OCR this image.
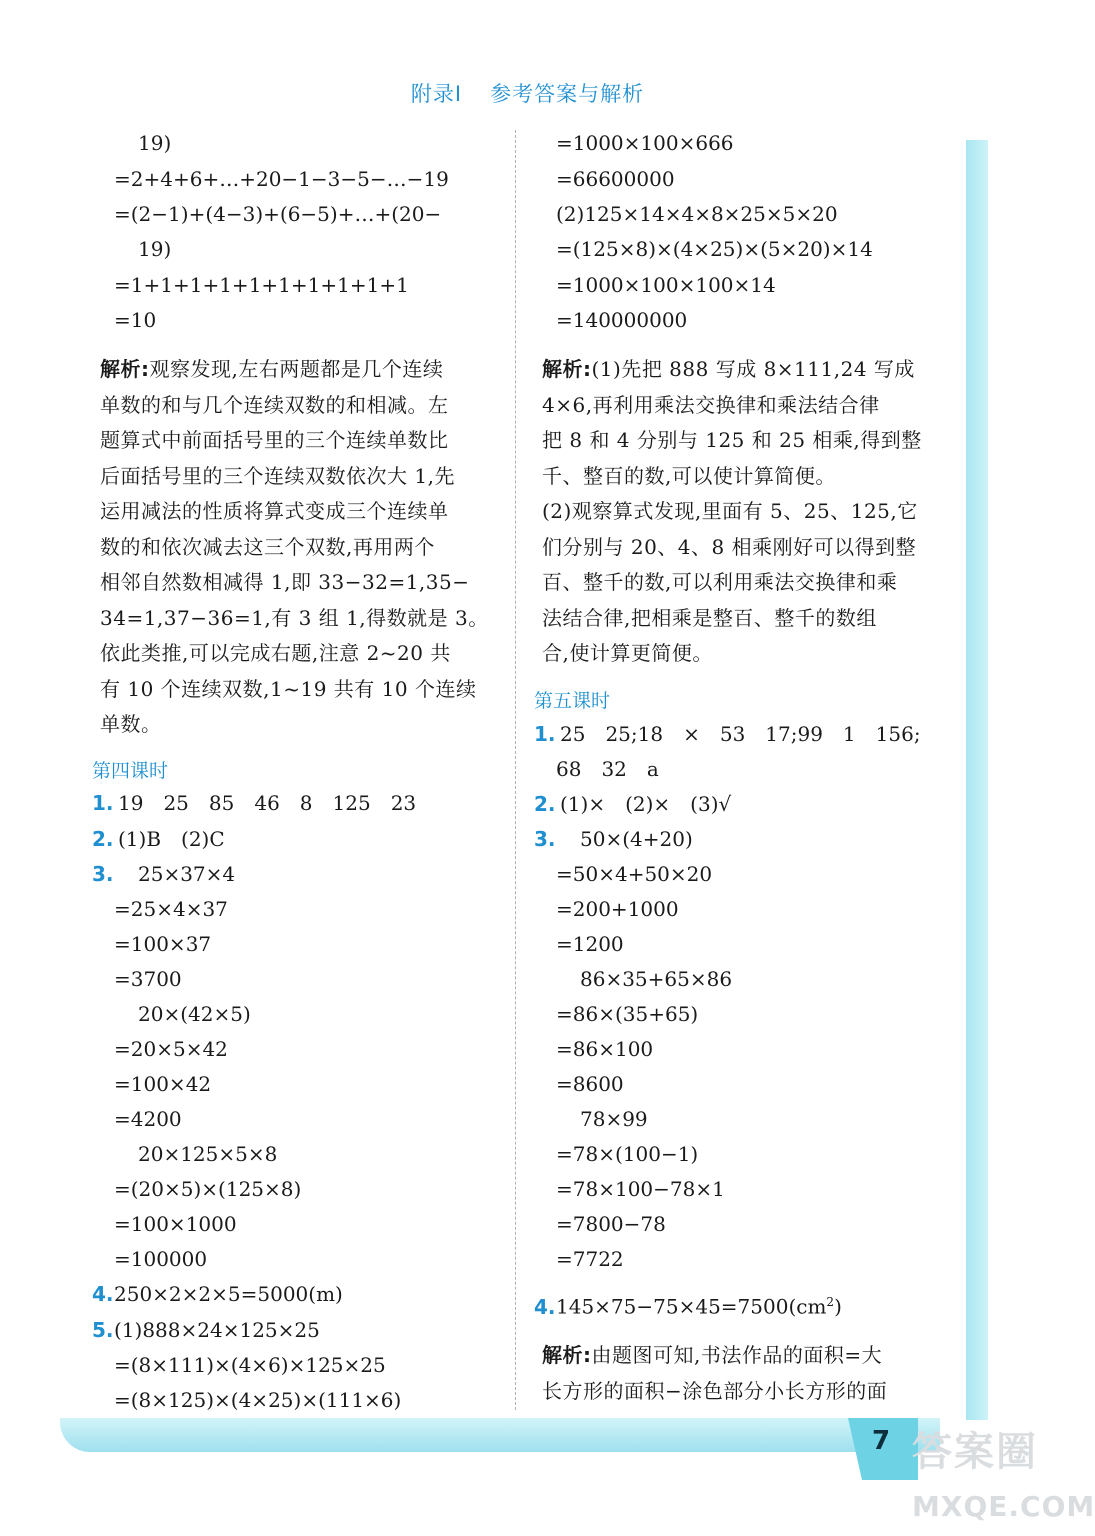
附录Ⅰ 参考答案与解析
19)
=2+4+6+…+20−1−3−5−…−19
=(2−1)+(4−3)+(6−5)+…+(20−
19)
=1+1+1+1+1+1+1+1+1+1
=10
解析:观察发现,左右两题都是几个连续
单数的和与几个连续双数的和相减。左
题算式中前面括号里的三个连续单数比
后面括号里的三个连续双数依次大 1,先
运用减法的性质将算式变成三个连续单
数的和依次减去这三个双数,再用两个
相邻自然数相减得 1,即 33−32=1,35−
34=1,37−36=1,有 3 组 1,得数就是 3。
依此类推,可以完成右题,注意 2~20 共
有 10 个连续双数,1~19 共有 10 个连续
单数。
第四课时
1. 19　25　85　46　8　125　23
2. (1)B　(2)C
3. 25×37×4
=25×4×37
=100×37
=3700
20×(42×5)
=20×5×42
=100×42
=4200
20×125×5×8
=(20×5)×(125×8)
=100×1000
=100000
4.250×2×2×5=5000(m)
5.(1)888×24×125×25
=(8×111)×(4×6)×125×25
=(8×125)×(4×25)×(111×6)
=1000×100×666
=66600000
(2)125×14×4×8×25×5×20
=(125×8)×(4×25)×(5×20)×14
=1000×100×100×14
=140000000
解析:(1)先把 888 写成 8×111,24 写成
4×6,再利用乘法交换律和乘法结合律
把 8 和 4 分别与 125 和 25 相乘,得到整
千、整百的数,可以使计算简便。
(2)观察算式发现,里面有 5、25、125,它
们分别与 20、4、8 相乘刚好可以得到整
百、整千的数,可以利用乘法交换律和乘
法结合律,把相乘是整百、整千的数组
合,使计算更简便。
第五课时
1. 25　25;18　×　53　17;99　1　156;
68　32　a
2. (1)×　(2)×　(3)√
3. 50×(4+20)
=50×4+50×20
=200+1000
=1200
86×35+65×86
=86×(35+65)
=86×100
=8600
78×99
=78×(100−1)
=78×100−78×1
=7800−78
=7722
$4.145\times 75-75\times 45=7500(cm^2)$
解析:由题图可知,书法作品的面积=大
长方形的面积−涂色部分小长方形的面
7 答案圈
MXQE.COM
